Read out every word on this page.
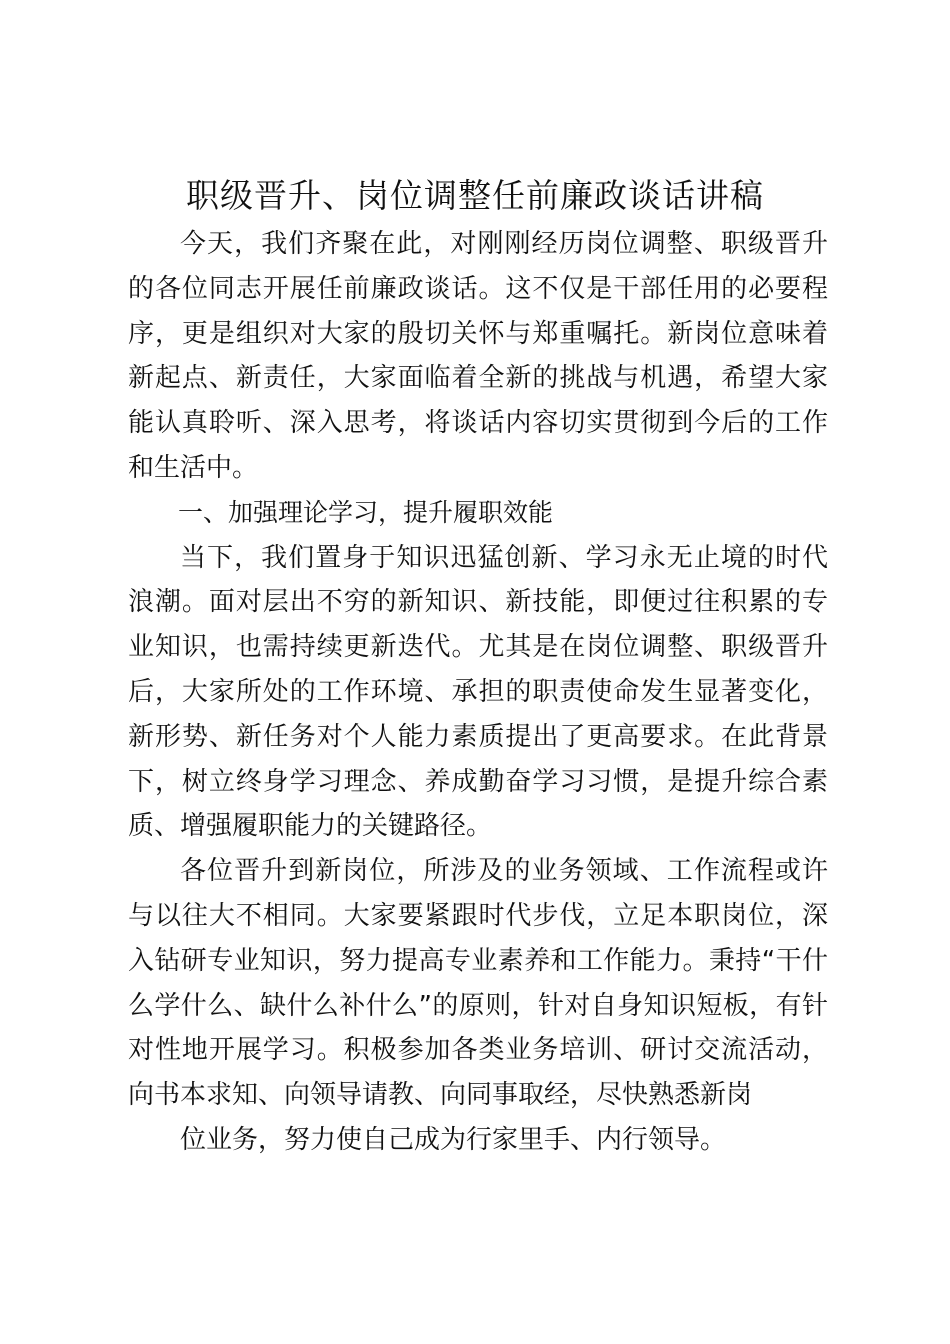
职级晋升、岗位调整任前廉政谈话讲稿

今天，我们齐聚在此，对刚刚经历岗位调整、职级晋升的各位同志开展任前廉政谈话。这不仅是干部任用的必要程序，更是组织对大家的殷切关怀与郑重嘱托。新岗位意味着新起点、新责任，大家面临着全新的挑战与机遇，希望大家能认真聆听、深入思考，将谈话内容切实贯彻到今后的工作和生活中。

一、加强理论学习，提升履职效能

当下，我们置身于知识迅猛创新、学习永无止境的时代浪潮。面对层出不穷的新知识、新技能，即便过往积累的专业知识，也需持续更新迭代。尤其是在岗位调整、职级晋升后，大家所处的工作环境、承担的职责使命发生显著变化，新形势、新任务对个人能力素质提出了更高要求。在此背景下，树立终身学习理念、养成勤奋学习习惯，是提升综合素质、增强履职能力的关键路径。

各位晋升到新岗位，所涉及的业务领域、工作流程或许与以往大不相同。大家要紧跟时代步伐，立足本职岗位，深入钻研专业知识，努力提高专业素养和工作能力。秉持“干什么学什么、缺什么补什么”的原则，针对自身知识短板，有针对性地开展学习。积极参加各类业务培训、研讨交流活动，向书本求知、向领导请教、向同事取经，尽快熟悉新岗

位业务，努力使自己成为行家里手、内行领导。
